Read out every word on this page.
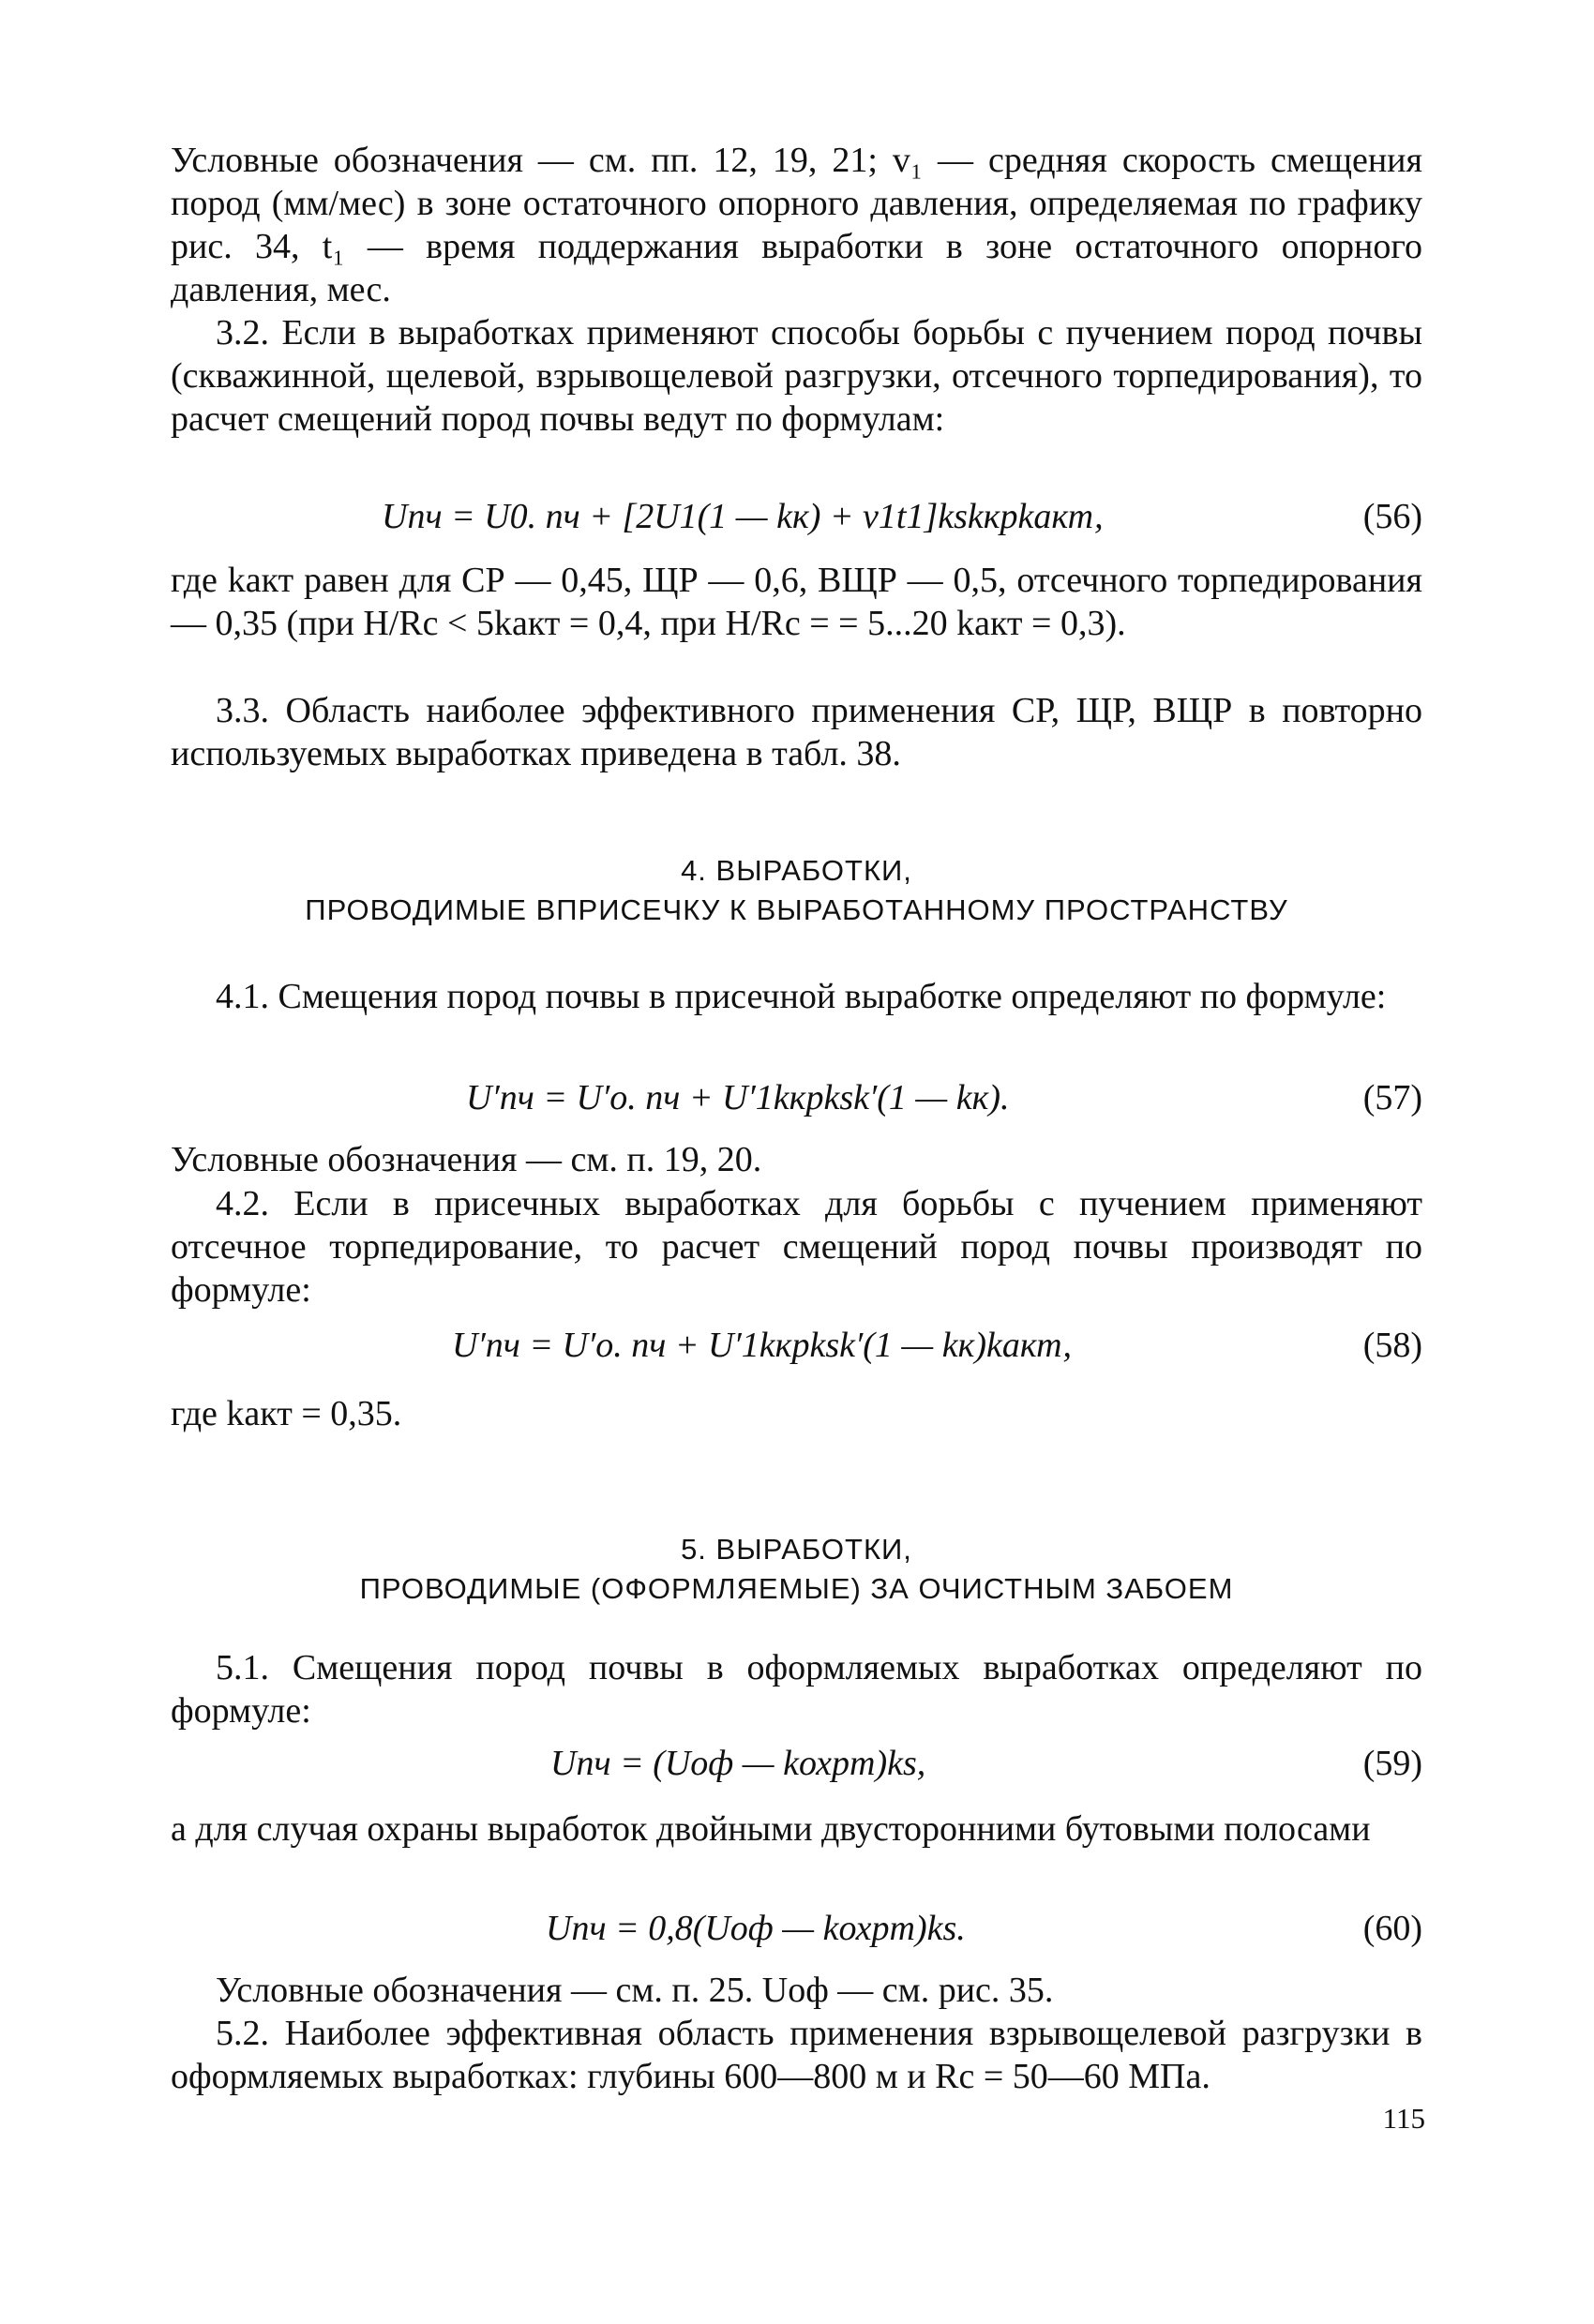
Условные обозначения — см. пп. 12, 19, 21; v₁ — средняя скорость смещения пород (мм/мес) в зоне остаточного опорного давления, определяемая по графику рис. 34, t₁ — время поддержания выработки в зоне остаточного опорного давления, мес.

3.2. Если в выработках применяют способы борьбы с пучением пород почвы (скважинной, щелевой, взрывощелевой разгрузки, отсечного торпедирования), то расчет смещений пород почвы ведут по формулам:

Uпч = U0. пч + [2U1(1 — kк) + v1t1]kskкрkакт,	(56)

где kакт равен для СР — 0,45, ЩР — 0,6, ВЩР — 0,5, отсечного торпедирования — 0,35 (при H/Rc < 5kакт = 0,4, при H/Rc = = 5...20 kакт = 0,3).

3.3. Область наиболее эффективного применения СР, ЩР, ВЩР в повторно используемых выработках приведена в табл. 38.

4. ВЫРАБОТКИ,
ПРОВОДИМЫЕ ВПРИСЕЧКУ К ВЫРАБОТАННОМУ ПРОСТРАНСТВУ

4.1. Смещения пород почвы в присечной выработке определяют по формуле:

U′пч = U′о. пч + U′1kкрksk′(1 — kк).	(57)

Условные обозначения — см. п. 19, 20.

4.2. Если в присечных выработках для борьбы с пучением применяют отсечное торпедирование, то расчет смещений пород почвы производят по формуле:

U′пч = U′о. пч + U′1kкрksk′(1 — kк)kакт,	(58)

где kакт = 0,35.

5. ВЫРАБОТКИ,
ПРОВОДИМЫЕ (ОФОРМЛЯЕМЫЕ) ЗА ОЧИСТНЫМ ЗАБОЕМ

5.1. Смещения пород почвы в оформляемых выработках определяют по формуле:

Uпч = (Uоф — kохрm)ks,	(59)

а для случая охраны выработок двойными двусторонними бутовыми полосами

Uпч = 0,8(Uоф — kохрm)ks.	(60)

Условные обозначения — см. п. 25. Uоф — см. рис. 35.

5.2. Наиболее эффективная область применения взрывощелевой разгрузки в оформляемых выработках: глубины 600—800 м и Rc = 50—60 МПа.

115
